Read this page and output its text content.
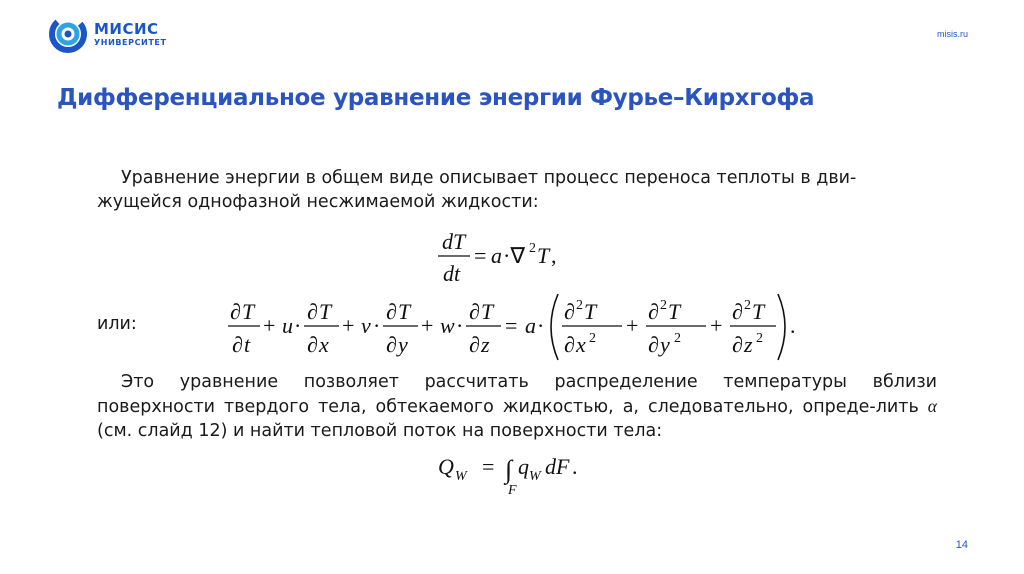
МИСИС
УНИВЕРСИТЕТ
misis.ru
Дифференциальное уравнение энергии Фурье–Кирхгофа
Уравнение энергии в общем виде описывает процесс переноса теплоты в дви-жущейся однофазной несжимаемой жидкости:
dT
dt
= a ·∇ 2 T ,
или:	∂ T
∂ t
+ u ·
∂ T
∂ x
+ v ·
∂ T
∂ y
+ w ·
∂ T
∂ z
= a ·
∂ 2 T
∂ x 2
+
∂ 2 T
∂ y 2
+
∂ 2 T
∂ z 2
.
Это уравнение позволяет рассчитать распределение температуры вблизи поверхности твердого тела, обтекаемого жидкостью, а, следовательно, опреде-лить α (см. слайд 12) и найти тепловой поток на поверхности тела:
Q W = ∫
F
q W dF .
14
